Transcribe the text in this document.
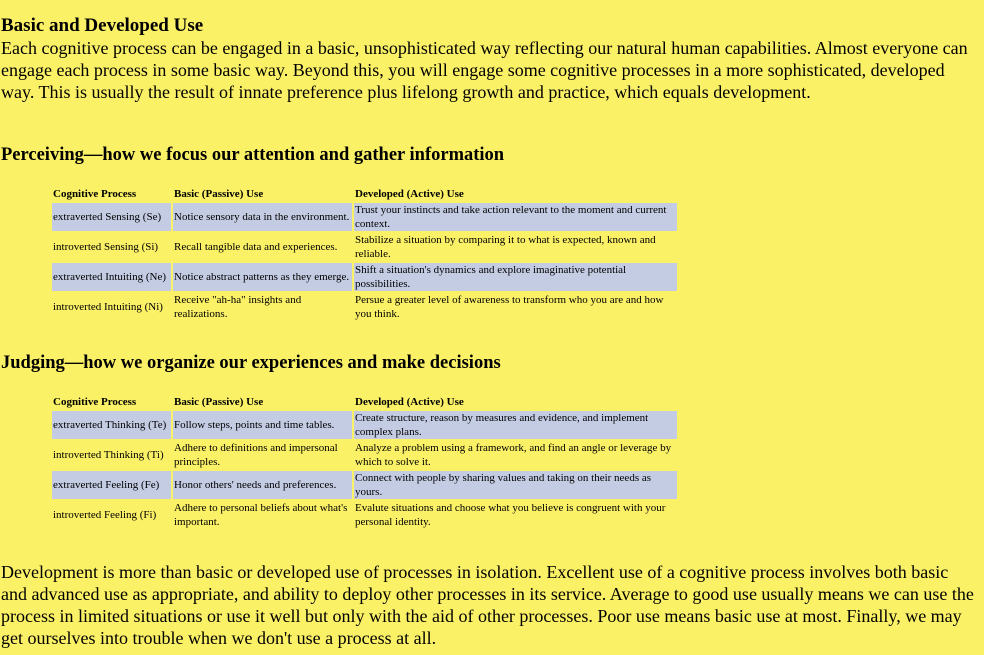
Basic and Developed Use

Each cognitive process can be engaged in a basic, unsophisticated way reflecting our natural human capabilities. Almost everyone can engage each process in some basic way. Beyond this, you will engage some cognitive processes in a more sophisticated, developed way. This is usually the result of innate preference plus lifelong growth and practice, which equals development.

Perceiving—how we focus our attention and gather information
Cognitive Process	Basic (Passive) Use	Developed (Active) Use
extraverted Sensing (Se)	Notice sensory data in the environment.	Trust your instincts and take action relevant to the moment and current context.
introverted Sensing (Si)	Recall tangible data and experiences.	Stabilize a situation by comparing it to what is expected, known and reliable.
extraverted Intuiting (Ne)	Notice abstract patterns as they emerge.	Shift a situation's dynamics and explore imaginative potential possibilities.
introverted Intuiting (Ni)	Receive "ah-ha" insights and realizations.	Persue a greater level of awareness to transform who you are and how you think.
Judging—how we organize our experiences and make decisions
Cognitive Process	Basic (Passive) Use	Developed (Active) Use
extraverted Thinking (Te)	Follow steps, points and time tables.	Create structure, reason by measures and evidence, and implement complex plans.
introverted Thinking (Ti)	Adhere to definitions and impersonal principles.	Analyze a problem using a framework, and find an angle or leverage by which to solve it.
extraverted Feeling (Fe)	Honor others' needs and preferences.	Connect with people by sharing values and taking on their needs as yours.
introverted Feeling (Fi)	Adhere to personal beliefs about what's important.	Evalute situations and choose what you believe is congruent with your personal identity.

Development is more than basic or developed use of processes in isolation. Excellent use of a cognitive process involves both basic and advanced use as appropriate, and ability to deploy other processes in its service. Average to good use usually means we can use the process in limited situations or use it well but only with the aid of other processes. Poor use means basic use at most. Finally, we may get ourselves into trouble when we don't use a process at all.
